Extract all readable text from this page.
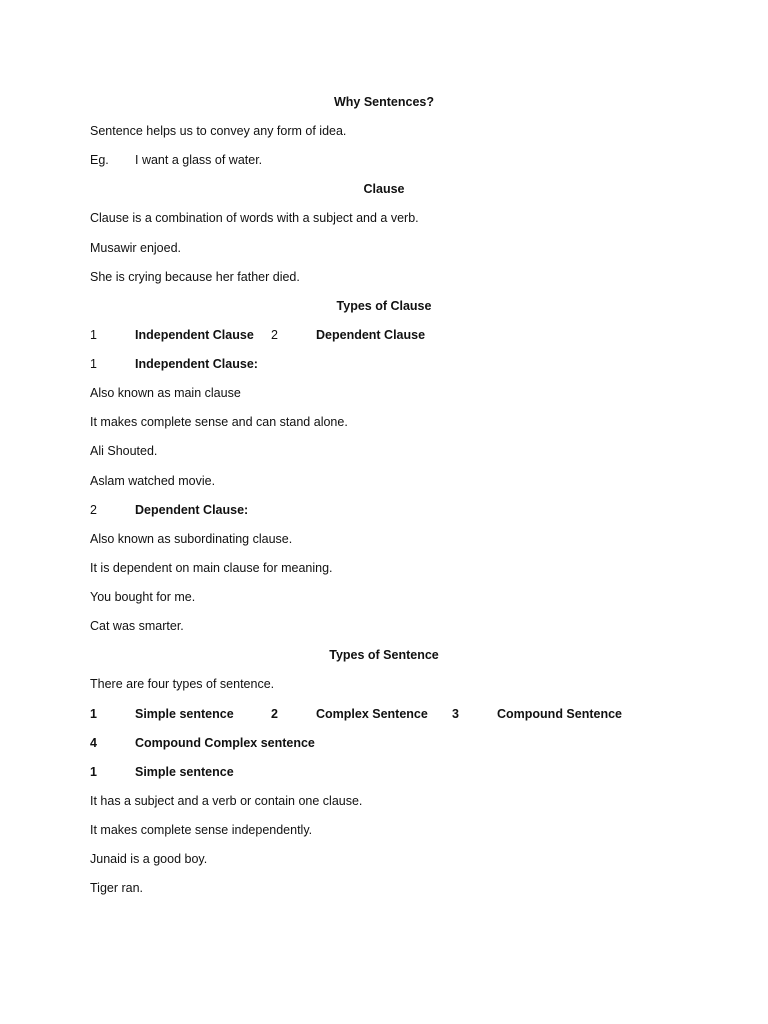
Why Sentences?
Sentence helps us to convey any form of idea.
Eg. I want a glass of water.
Clause
Clause is a combination of words with a subject and a verb.
Musawir enjoed.
She is crying because her father died.
Types of Clause
1	Independent Clause 2	Dependent Clause
1	Independent Clause:
Also known as main clause
It makes complete sense and can stand alone.
Ali Shouted.
Aslam watched movie.
2	Dependent Clause:
Also known as subordinating clause.
It is dependent on main clause for meaning.
You bought for me.
Cat was smarter.
Types of Sentence
There are four types of sentence.
1	Simple sentence	2	Complex Sentence 3	Compound Sentence
4	Compound Complex sentence
1	Simple sentence
It has a subject and a verb or contain one clause.
It makes complete sense independently.
Junaid is a good boy.
Tiger ran.
